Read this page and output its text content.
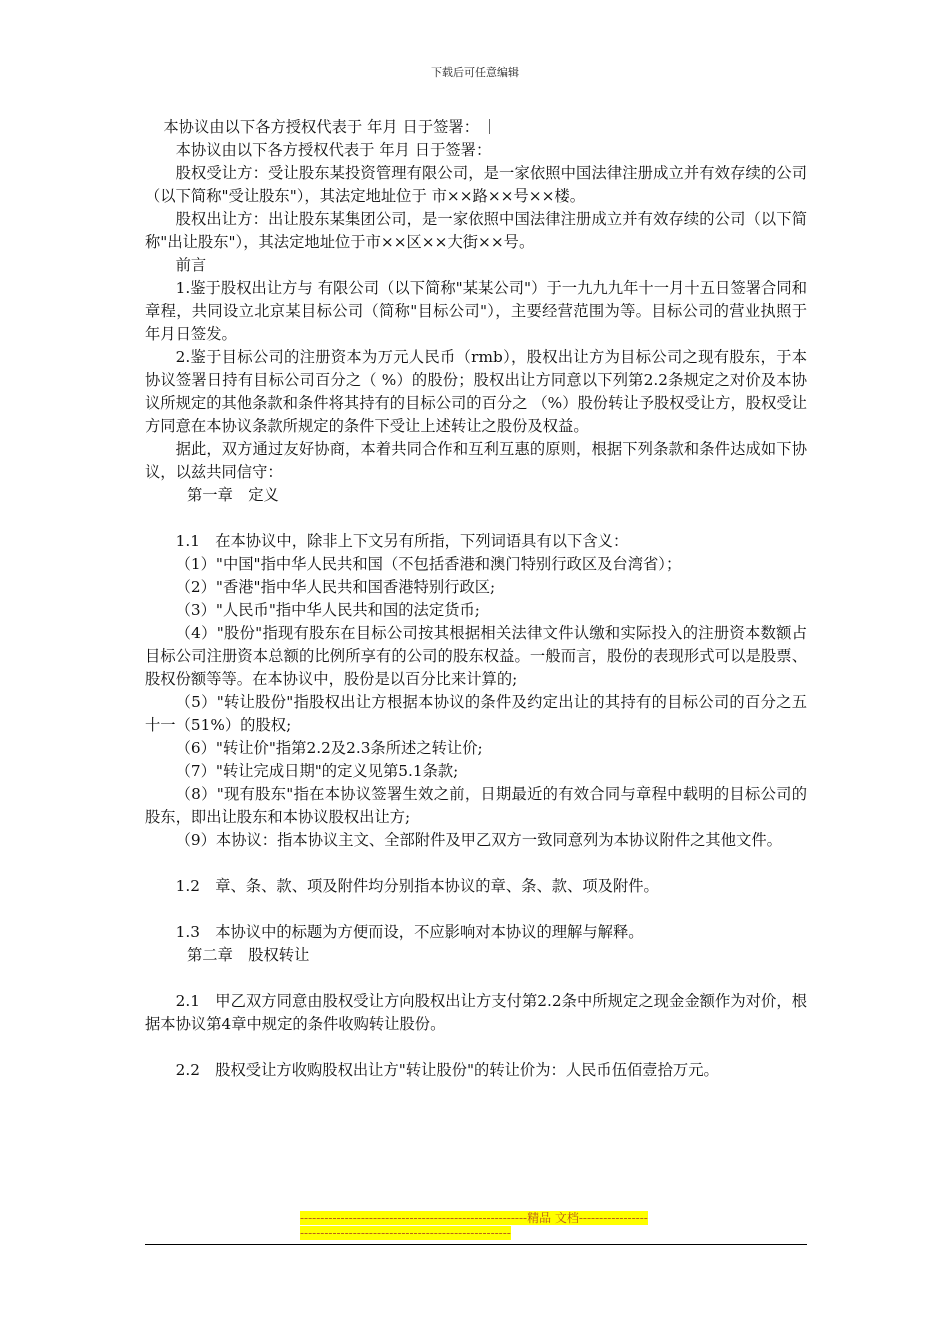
下载后可任意编辑

本协议由以下各方授权代表于 年月 日于签署：

本协议由以下各方授权代表于 年月 日于签署：

股权受让方：受让股东某投资管理有限公司，是一家依照中国法律注册成立并有效存续的公司（以下简称"受让股东"），其法定地址位于 市××路××号××楼。

股权出让方：出让股东某集团公司，是一家依照中国法律注册成立并有效存续的公司（以下简称"出让股东"），其法定地址位于市××区××大街××号。

前言

1.鉴于股权出让方与 有限公司（以下简称"某某公司"）于一九九九年十一月十五日签署合同和章程，共同设立北京某目标公司（简称"目标公司"），主要经营范围为等。目标公司的营业执照于年月日签发。

2.鉴于目标公司的注册资本为万元人民币（rmb），股权出让方为目标公司之现有股东，于本协议签署日持有目标公司百分之（ %）的股份；股权出让方同意以下列第2.2条规定之对价及本协议所规定的其他条款和条件将其持有的目标公司的百分之 （%）股份转让予股权受让方，股权受让方同意在本协议条款所规定的条件下受让上述转让之股份及权益。

据此，双方通过友好协商，本着共同合作和互利互惠的原则，根据下列条款和条件达成如下协议，以兹共同信守：

第一章　定义

1.1　在本协议中，除非上下文另有所指，下列词语具有以下含义：

（1）"中国"指中华人民共和国（不包括香港和澳门特别行政区及台湾省）；

（2）"香港"指中华人民共和国香港特别行政区;

（3）"人民币"指中华人民共和国的法定货币;

（4）"股份"指现有股东在目标公司按其根据相关法律文件认缴和实际投入的注册资本数额占目标公司注册资本总额的比例所享有的公司的股东权益。一般而言，股份的表现形式可以是股票、股权份额等等。在本协议中，股份是以百分比来计算的;

（5）"转让股份"指股权出让方根据本协议的条件及约定出让的其持有的目标公司的百分之五十一（51%）的股权;

（6）"转让价"指第2.2及2.3条所述之转让价;

（7）"转让完成日期"的定义见第5.1条款;

（8）"现有股东"指在本协议签署生效之前，日期最近的有效合同与章程中载明的目标公司的股东，即出让股东和本协议股权出让方;

（9）本协议：指本协议主文、全部附件及甲乙双方一致同意列为本协议附件之其他文件。

1.2　章、条、款、项及附件均分别指本协议的章、条、款、项及附件。

1.3　本协议中的标题为方便而设，不应影响对本协议的理解与解释。

第二章　股权转让

2.1　甲乙双方同意由股权受让方向股权出让方支付第2.2条中所规定之现金金额作为对价，根据本协议第4章中规定的条件收购转让股份。

2.2　股权受让方收购股权出让方"转让股份"的转让价为：人民币伍佰壹拾万元。

--------------------------------------------------------精品 文档---------------------------------------------------------------------
